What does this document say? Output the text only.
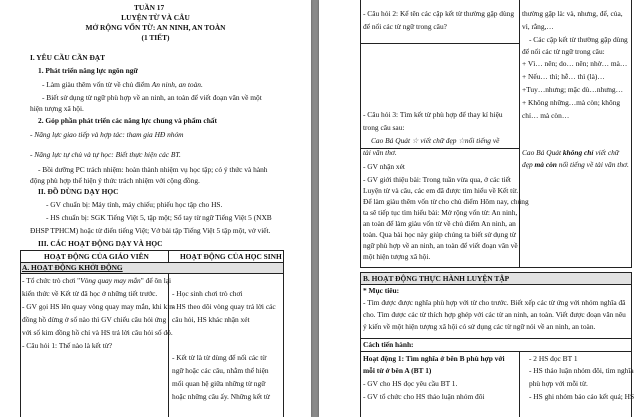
TUẦN 17
LUYỆN TỪ VÀ CÂU
MỞ RỘNG VỐN TỪ: AN NINH, AN TOÀN
(1 TIẾT)
I. YÊU CẦU CẦN ĐẠT
1. Phát triển năng lực ngôn ngữ
- Làm giàu thêm vốn từ về chủ điểm An ninh, an toàn.
- Biết sử dụng từ ngữ phù hợp về an ninh, an toàn để viết đoạn văn về một
hiện tượng xã hội.
2. Góp phần phát triển các năng lực chung và phẩm chất
- Năng lực giao tiếp và hợp tác: tham gia HĐ nhóm
- Năng lực tự chủ và tự học: Biết thực hiện các BT.
- Bồi dưỡng PC trách nhiệm: hoàn thành nhiệm vụ học tập; có ý thức và hành
động phù hợp thể hiện ý thức trách nhiệm với cộng đồng.
II. ĐỒ DÙNG DẠY HỌC
- GV chuẩn bị: Máy tính, máy chiếu; phiếu học tập cho HS.
- HS chuẩn bị: SGK Tiếng Việt 5, tập một; Sổ tay từ ngữ Tiếng Việt 5 (NXB
ĐHSP TPHCM) hoặc từ điển tiếng Việt; Vở bài tập Tiếng Việt 5 tập một, vở viết.
III. CÁC HOẠT ĐỘNG DẠY VÀ HỌC
HOẠT ĐỘNG CỦA GIÁO VIÊN	HOẠT ĐỘNG CỦA HỌC SINH
A. HOẠT ĐỘNG KHỞI ĐỘNG
- Tổ chức trò chơi "Vòng quay may mắn" để ôn lại
kiến thức về Kết từ đã học ở những tiết trước.
- GV gọi HS lên quay vòng quay may mắn, khi kim
đồng hồ dừng ở số nào thì GV chiếu câu hỏi ứng
với số kim đồng hồ chỉ và HS trả lời câu hỏi số đó.
- Câu hỏi 1: Thế nào là kết từ?
- Học sinh chơi trò chơi
- HS theo dõi vòng quay trả lời các
câu hỏi, HS khác nhận xét
- Kết từ là từ dùng để nối các từ
ngữ hoặc các câu, nhằm thể hiện
mối quan hệ giữa những từ ngữ
hoặc những câu ấy. Những kết từ
- Câu hỏi 2: Kể tên các cặp kết từ thường gặp dùng
để nối các từ ngữ trong câu?
thường gặp là: và, nhưng, để, của,
vì, rằng,…
- Các cặp kết từ thường gặp dùng
để nối các từ ngữ trong câu:
+ Vì… nên; do… nên; nhờ… mà…
+ Nếu… thì; hễ… thì (là)…
+Tuy…nhưng; mặc dù…nhưng…
+ Không những…mà còn; không
chỉ… mà còn…
- Câu hỏi 3: Tìm kết từ phù hợp để thay kí hiệu
trong câu sau:
Cao Bá Quát ☆ viết chữ đẹp ☆nổi tiếng về
tài văn thơ.	Cao Bá Quát không chỉ viết chữ
đẹp mà còn nổi tiếng về tài văn thơ.
- GV nhận xét
- GV giới thiệu bài: Trong tuần vừa qua, ở các tiết
Luyện từ và câu, các em đã được tìm hiểu về Kết từ.
Để làm giàu thêm vốn từ cho chủ điểm Hôm nay, chúng
ta sẽ tiếp tục tìm hiểu bài: Mở rộng vốn từ: An ninh,
an toàn để làm giàu vốn từ về chủ điểm An ninh, an
toàn. Qua bài học này giúp chúng ta biết sử dụng từ
ngữ phù hợp về an ninh, an toàn để viết đoạn văn về
một hiện tượng xã hội.
B. HOẠT ĐỘNG THỰC HÀNH LUYỆN TẬP
* Mục tiêu:
- Tìm được được nghĩa phù hợp với từ cho trước. Biết xếp các từ ứng với nhóm nghĩa đã
cho. Tìm được các từ thích hợp ghép với các từ an ninh, an toàn. Viết được đoạn văn nêu
ý kiến về một hiện tượng xã hội có sử dụng các từ ngữ nói về an ninh, an toàn.
Cách tiến hành:
Hoạt động 1: Tìm nghĩa ở bên B phù hợp với
mỗi từ ở bên A (BT 1)
- GV cho HS đọc yêu cầu BT 1.
- GV tổ chức cho HS thảo luận nhóm đôi
- 2 HS đọc BT 1
- HS thảo luận nhóm đôi, tìm nghĩa
phù hợp với mỗi từ.
- HS ghi nhóm báo cáo kết quả; HS
